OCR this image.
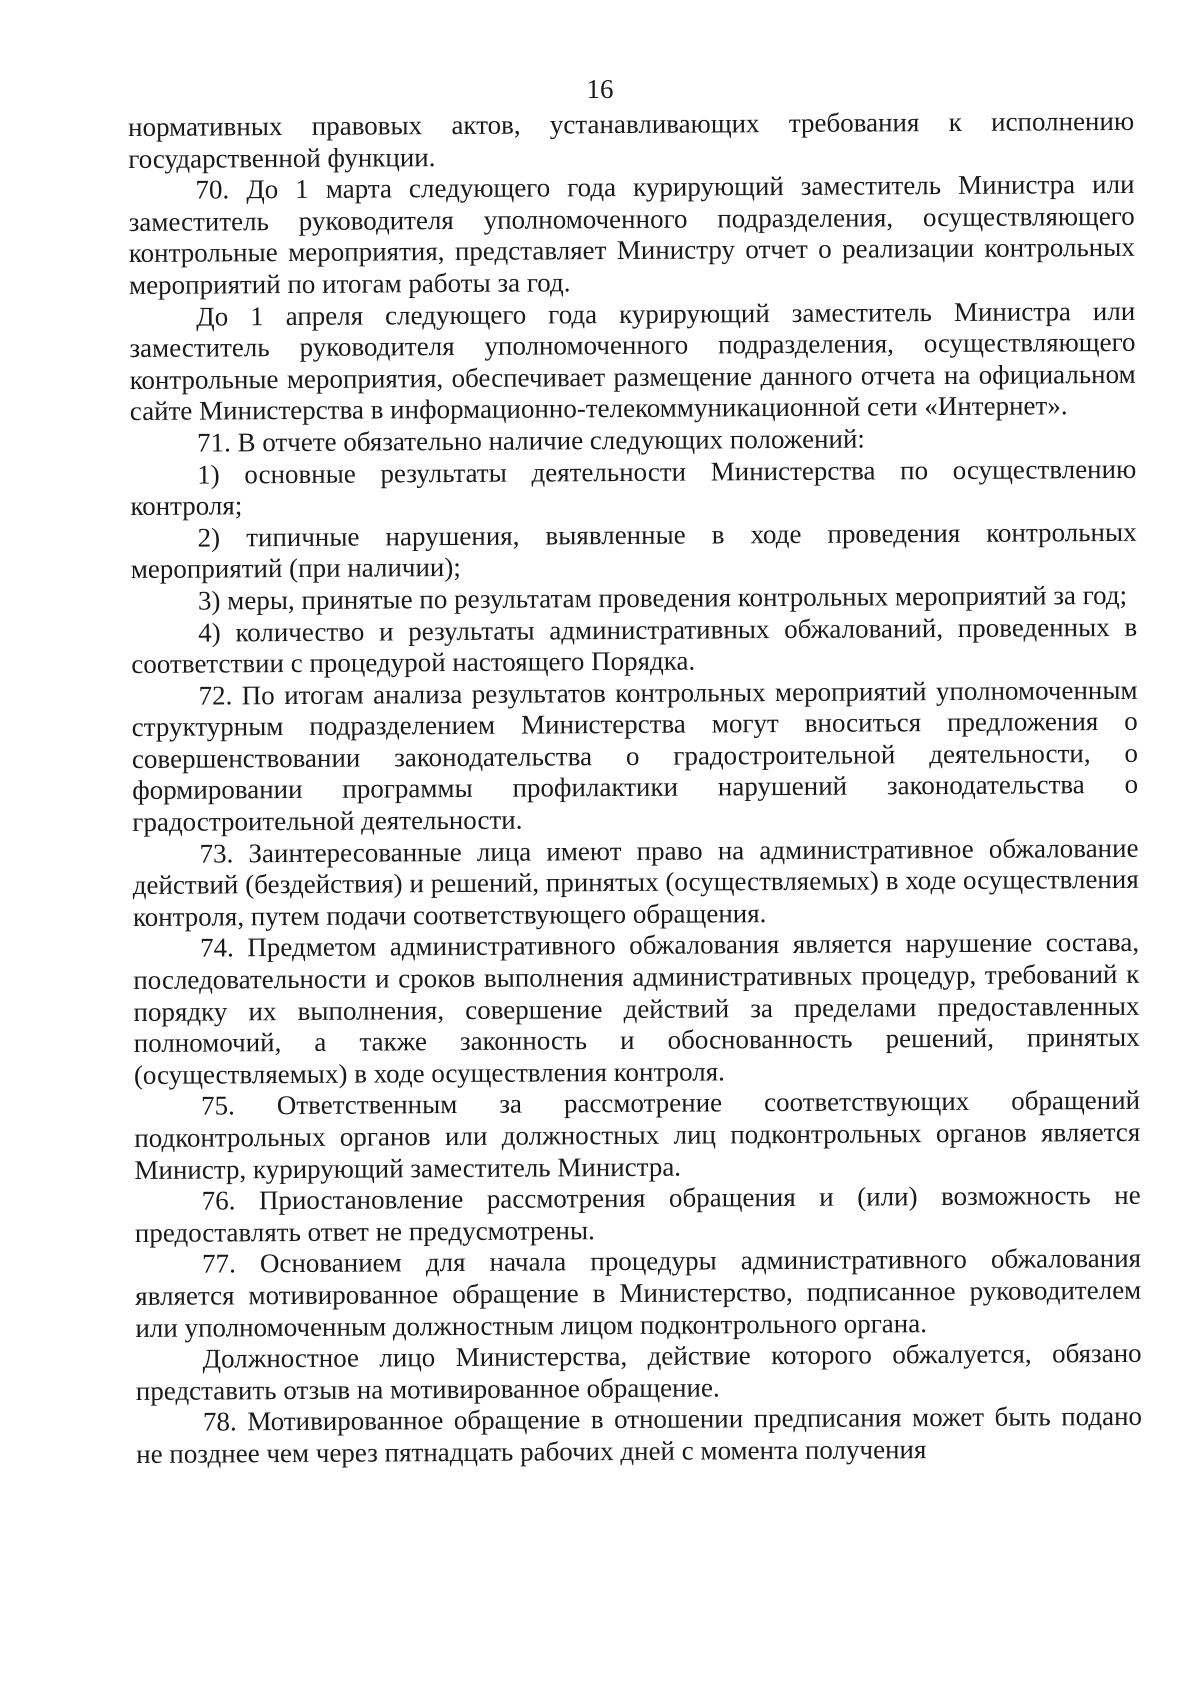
16

нормативных правовых актов, устанавливающих требования к исполнению государственной функции.

70. До 1 марта следующего года курирующий заместитель Министра или заместитель руководителя уполномоченного подразделения, осуществляющего контрольные мероприятия, представляет Министру отчет о реализации контрольных мероприятий по итогам работы за год.

До 1 апреля следующего года курирующий заместитель Министра или заместитель руководителя уполномоченного подразделения, осуществляющего контрольные мероприятия, обеспечивает размещение данного отчета на официальном сайте Министерства в информационно-телекоммуникационной сети «Интернет».

71. В отчете обязательно наличие следующих положений:

1) основные результаты деятельности Министерства по осуществлению контроля;

2) типичные нарушения, выявленные в ходе проведения контрольных мероприятий (при наличии);

3) меры, принятые по результатам проведения контрольных мероприятий за год;

4) количество и результаты административных обжалований, проведенных в соответствии с процедурой настоящего Порядка.

72. По итогам анализа результатов контрольных мероприятий уполномоченным структурным подразделением Министерства могут вноситься предложения о совершенствовании законодательства о градостроительной деятельности, о формировании программы профилактики нарушений законодательства о градостроительной деятельности.

73. Заинтересованные лица имеют право на административное обжалование действий (бездействия) и решений, принятых (осуществляемых) в ходе осуществления контроля, путем подачи соответствующего обращения.

74. Предметом административного обжалования является нарушение состава, последовательности и сроков выполнения административных процедур, требований к порядку их выполнения, совершение действий за пределами предоставленных полномочий, а также законность и обоснованность решений, принятых (осуществляемых) в ходе осуществления контроля.

75. Ответственным за рассмотрение соответствующих обращений подконтрольных органов или должностных лиц подконтрольных органов является Министр, курирующий заместитель Министра.

76. Приостановление рассмотрения обращения и (или) возможность не предоставлять ответ не предусмотрены.

77. Основанием для начала процедуры административного обжалования является мотивированное обращение в Министерство, подписанное руководителем или уполномоченным должностным лицом подконтрольного органа.

Должностное лицо Министерства, действие которого обжалуется, обязано представить отзыв на мотивированное обращение.

78. Мотивированное обращение в отношении предписания может быть подано не позднее чем через пятнадцать рабочих дней с момента получения
